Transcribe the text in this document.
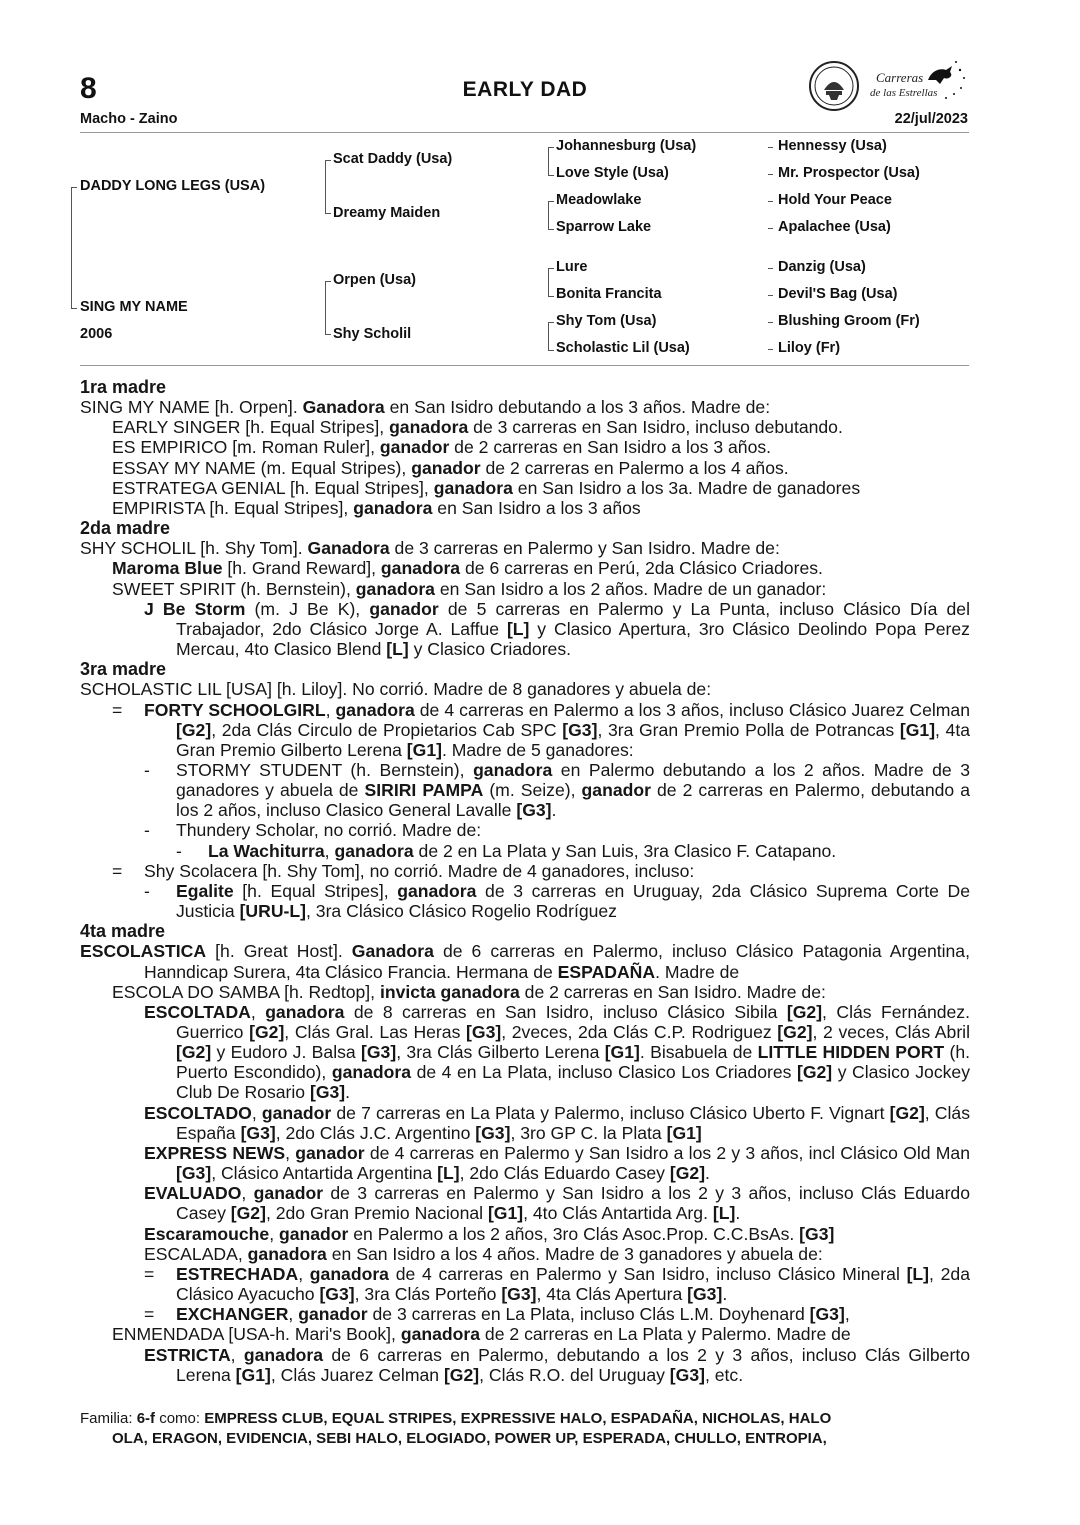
8	EARLY DAD
Macho - Zaino	22/jul/2023
Carreras
de las Estrellas
DADDY LONG LEGS (USA)
SING MY NAME
2006
Scat Daddy (Usa)
Dreamy Maiden
Orpen (Usa)
Shy Scholil
Johannesburg (Usa)
Love Style (Usa)
Meadowlake
Sparrow Lake
Lure
Bonita Francita
Shy Tom (Usa)
Scholastic Lil (Usa)
Hennessy (Usa)
Mr. Prospector (Usa)
Hold Your Peace
Apalachee (Usa)
Danzig (Usa)
Devil'S Bag (Usa)
Blushing Groom (Fr)
Liloy (Fr)

1ra madre

SING MY NAME [h. Orpen]. Ganadora en San Isidro debutando a los 3 años. Madre de:

EARLY SINGER [h. Equal Stripes], ganadora de 3 carreras en San Isidro, incluso debutando.

ES EMPIRICO [m. Roman Ruler], ganador de 2 carreras en San Isidro a los 3 años.

ESSAY MY NAME (m. Equal Stripes), ganador de 2 carreras en Palermo a los 4 años.

ESTRATEGA GENIAL [h. Equal Stripes], ganadora en San Isidro a los 3a. Madre de ganadores

EMPIRISTA [h. Equal Stripes], ganadora en San Isidro a los 3 años

2da madre

SHY SCHOLIL [h. Shy Tom]. Ganadora de 3 carreras en Palermo y San Isidro. Madre de:

Maroma Blue [h. Grand Reward], ganadora de 6 carreras en Perú, 2da Clásico Criadores.

SWEET SPIRIT (h. Bernstein), ganadora en San Isidro a los 2 años. Madre de un ganador:

J Be Storm (m. J Be K), ganador de 5 carreras en Palermo y La Punta, incluso Clásico Día del Trabajador, 2do Clásico Jorge A. Laffue [L] y Clasico Apertura, 3ro Clásico Deolindo Popa Perez Mercau, 4to Clasico Blend [L] y Clasico Criadores.

3ra madre

SCHOLASTIC LIL [USA] [h. Liloy]. No corrió. Madre de 8 ganadores y abuela de:

= FORTY SCHOOLGIRL, ganadora de 4 carreras en Palermo a los 3 años, incluso Clásico Juarez Celman [G2], 2da Clás Circulo de Propietarios Cab SPC [G3], 3ra Gran Premio Polla de Potrancas [G1], 4ta Gran Premio Gilberto Lerena [G1]. Madre de 5 ganadores:

- STORMY STUDENT (h. Bernstein), ganadora en Palermo debutando a los 2 años. Madre de 3 ganadores y abuela de SIRIRI PAMPA (m. Seize), ganador de 2 carreras en Palermo, debutando a los 2 años, incluso Clasico General Lavalle [G3].

- Thundery Scholar, no corrió. Madre de:

- La Wachiturra, ganadora de 2 en La Plata y San Luis, 3ra Clasico F. Catapano.

= Shy Scolacera [h. Shy Tom], no corrió. Madre de 4 ganadores, incluso:

- Egalite [h. Equal Stripes], ganadora de 3 carreras en Uruguay, 2da Clásico Suprema Corte De Justicia [URU-L], 3ra Clásico Clásico Rogelio Rodríguez

4ta madre

ESCOLASTICA [h. Great Host]. Ganadora de 6 carreras en Palermo, incluso Clásico Patagonia Argentina, Hanndicap Surera, 4ta Clásico Francia. Hermana de ESPADAÑA. Madre de

ESCOLA DO SAMBA [h. Redtop], invicta ganadora de 2 carreras en San Isidro. Madre de:

ESCOLTADA, ganadora de 8 carreras en San Isidro, incluso Clásico Sibila [G2], Clás Fernández. Guerrico [G2], Clás Gral. Las Heras [G3], 2veces, 2da Clás C.P. Rodriguez [G2], 2 veces, Clás Abril [G2] y Eudoro J. Balsa [G3], 3ra Clás Gilberto Lerena [G1]. Bisabuela de LITTLE HIDDEN PORT (h. Puerto Escondido), ganadora de 4 en La Plata, incluso Clasico Los Criadores [G2] y Clasico Jockey Club De Rosario [G3].

ESCOLTADO, ganador de 7 carreras en La Plata y Palermo, incluso Clásico Uberto F. Vignart [G2], Clás España [G3], 2do Clás J.C. Argentino [G3], 3ro GP C. la Plata [G1]

EXPRESS NEWS, ganador de 4 carreras en Palermo y San Isidro a los 2 y 3 años, incl Clásico Old Man [G3], Clásico Antartida Argentina [L], 2do Clás Eduardo Casey [G2].

EVALUADO, ganador de 3 carreras en Palermo y San Isidro a los 2 y 3 años, incluso Clás Eduardo Casey [G2], 2do Gran Premio Nacional [G1], 4to Clás Antartida Arg. [L].

Escaramouche, ganador en Palermo a los 2 años, 3ro Clás Asoc.Prop. C.C.BsAs. [G3]

ESCALADA, ganadora en San Isidro a los 4 años. Madre de 3 ganadores y abuela de:

= ESTRECHADA, ganadora de 4 carreras en Palermo y San Isidro, incluso Clásico Mineral [L], 2da Clásico Ayacucho [G3], 3ra Clás Porteño [G3], 4ta Clás Apertura [G3].

= EXCHANGER, ganador de 3 carreras en La Plata, incluso Clás L.M. Doyhenard [G3],

ENMENDADA [USA-h. Mari's Book], ganadora de 2 carreras en La Plata y Palermo. Madre de

ESTRICTA, ganadora de 6 carreras en Palermo, debutando a los 2 y 3 años, incluso Clás Gilberto Lerena [G1], Clás Juarez Celman [G2], Clás R.O. del Uruguay [G3], etc.

Familia: 6-f como: EMPRESS CLUB, EQUAL STRIPES, EXPRESSIVE HALO, ESPADAÑA, NICHOLAS, HALO
OLA, ERAGON, EVIDENCIA, SEBI HALO, ELOGIADO, POWER UP, ESPERADA, CHULLO, ENTROPIA,
